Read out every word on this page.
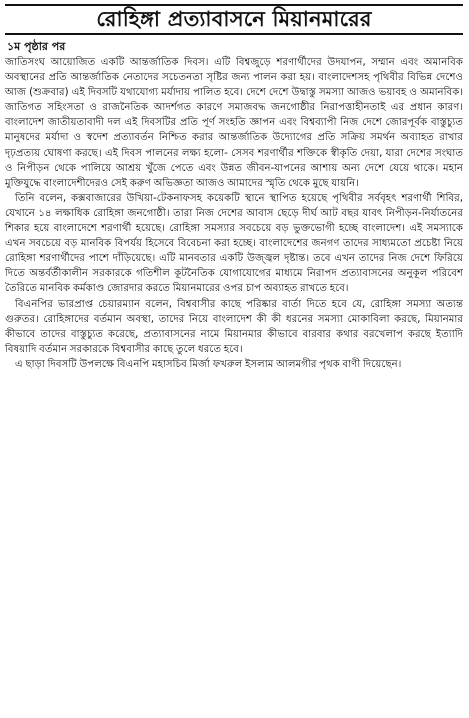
রোহিঙ্গা প্রত্যাবাসনে মিয়ানমারের
১ম পৃষ্ঠার পর

জাতিসংঘ আয়োজিত একটি আন্তর্জাতিক দিবস। এটি বিশ্বজুড়ে শরণার্থীদের উদযাপন, সম্মান এবং অমানবিক অবস্থানের প্রতি আন্তর্জাতিক নেতাদের সচেতনতা সৃষ্টির জন্য পালন করা হয়। বাংলাদেশসহ পৃথিবীর বিভিন্ন দেশেও আজ (শুক্রবার) এই দিবসটি যথাযোগ্য মর্যাদায় পালিত হবে। দেশে দেশে উদ্বাস্তু সমস্যা আজও ভয়াবহ ও অমানবিক। জাতিগত সহিংসতা ও রাজনৈতিক আদর্শগত কারণে সমাজবদ্ধ জনগোষ্ঠীর নিরাপত্তাহীনতাই এর প্রধান কারণ। বাংলাদেশ জাতীয়তাবাদী দল এই দিবসটির প্রতি পূর্ণ সংহতি জ্ঞাপন এবং বিশ্বব্যাপী নিজ দেশে জোরপূর্বক বাস্তুচ্যুত মানুষদের মর্যাদা ও স্বদেশ প্রত্যাবর্তন নিশ্চিত করার আন্তর্জাতিক উদ্যোগের প্রতি সক্রিয় সমর্থন অব্যাহত রাখার দৃঢ়প্রত্যয় ঘোষণা করছে। এই দিবস পালনের লক্ষ্য হলো- সেসব শরণার্থীর শক্তিকে স্বীকৃতি দেয়া, যারা দেশের সংঘাত ও নিপীড়ন থেকে পালিয়ে আশ্রয় খুঁজে পেতে এবং উন্নত জীবন-যাপনের আশায় অন্য দেশে যেয়ে থাকে। মহান মুক্তিযুদ্ধে বাংলাদেশীদেরও সেই করুণ অভিজ্ঞতা আজও আমাদের স্মৃতি থেকে মুছে যায়নি।

তিনি বলেন, কক্সবাজারের উখিয়া-টেকনাফসহ কয়েকটি স্থানে স্থাপিত হয়েছে পৃথিবীর সর্ববৃহৎ শরণার্থী শিবির, যেখানে ১৪ লক্ষাধিক রোহিঙ্গা জনগোষ্ঠী। তারা নিজ দেশের আবাস ছেড়ে দীর্ঘ আট বছর যাবৎ নিপীড়ন-নির্যাতনের শিকার হয়ে বাংলাদেশে শরণার্থী হয়েছে। রোহিঙ্গা সমস্যার সবচেয়ে বড় ভুক্তভোগী হচ্ছে বাংলাদেশ। এই সমস্যাকে এখন সবচেয়ে বড় মানবিক বিপর্যয় হিসেবে বিবেচনা করা হচ্ছে। বাংলাদেশের জনগণ তাদের সাধ্যমতো প্রচেষ্টা নিয়ে রোহিঙ্গা শরণার্থীদের পাশে দাঁড়িয়েছে। এটি মানবতার একটি উজ্জ্বল দৃষ্টান্ত। তবে এখন তাদের নিজ দেশে ফিরিয়ে দিতে অন্তর্বর্তীকালীন সরকারকে গতিশীল কূটনৈতিক যোগাযোগের মাধ্যমে নিরাপদ প্রত্যাবাসনের অনুকূল পরিবেশ তৈরিতে মানবিক কর্মকাণ্ড জোরদার করতে মিয়ানমারের ওপর চাপ অব্যাহত রাখতে হবে।

বিএনপির ভারপ্রাপ্ত চেয়ারম্যান বলেন, বিশ্ববাসীর কাছে পরিষ্কার বার্তা দিতে হবে যে, রোহিঙ্গা সমস্যা অত্যন্ত গুরুতর। রোহিঙ্গাদের বর্তমান অবস্থা, তাদের নিয়ে বাংলাদেশ কী কী ধরনের সমস্যা মোকাবিলা করছে, মিয়ানমার কীভাবে তাদের বাস্তুচ্যুত করেছে, প্রত্যাবাসনের নামে মিয়ানমার কীভাবে বারবার কথার বরখেলাপ করছে ইত্যাদি বিষয়াদি বর্তমান সরকারকে বিশ্ববাসীর কাছে তুলে ধরতে হবে।

এ ছাড়া দিবসটি উপলক্ষে বিএনপি মহাসচিব মির্জা ফখরুল ইসলাম আলমগীর পৃথক বাণী দিয়েছেন।
